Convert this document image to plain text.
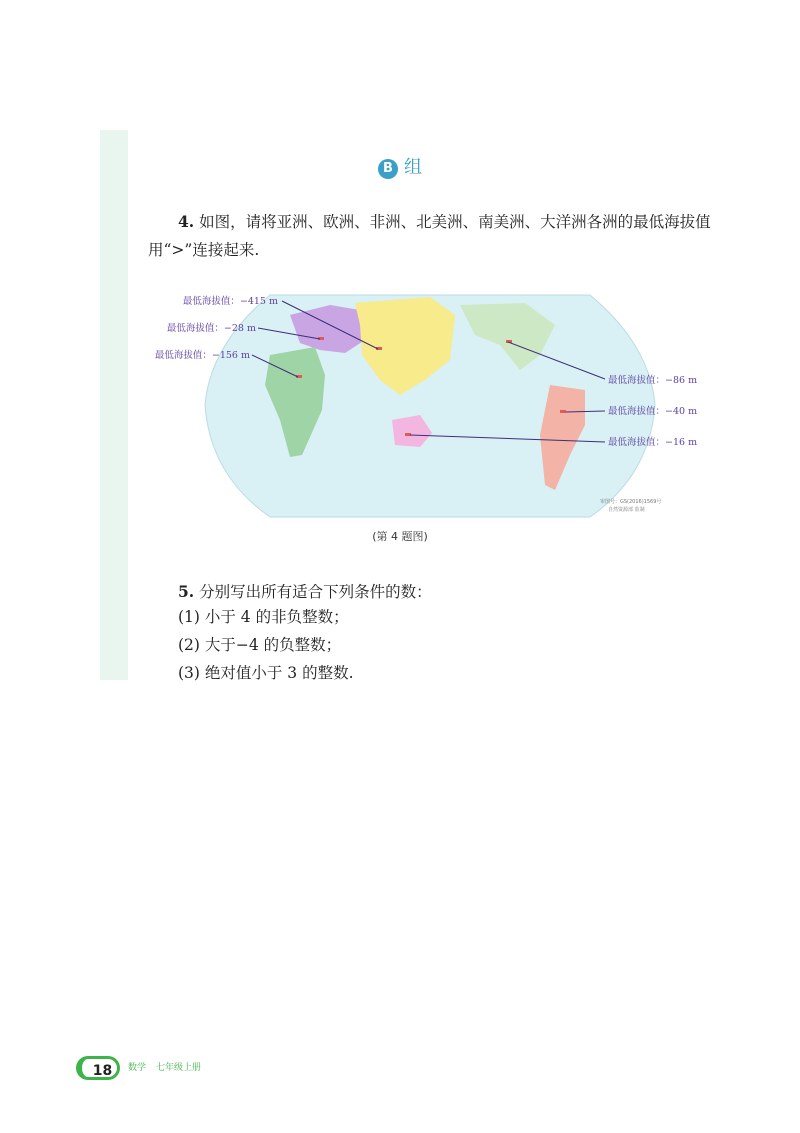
B 组
4. 如图，请将亚洲、欧洲、非洲、北美洲、南美洲、大洋洲各洲的最低海拔值用“>”连接起来.
最低海拔值：−415 m
最低海拔值：−28 m
最低海拔值：−156 m
最低海拔值：−86 m
最低海拔值：−40 m
最低海拔值：−16 m
审图号：GS(2016)1569号
自然资源部 监制
(第 4 题图)
5. 分别写出所有适合下列条件的数：
(1) 小于 4 的非负整数；
(2) 大于−4 的负整数；
(3) 绝对值小于 3 的整数.
18	数学 七年级上册
